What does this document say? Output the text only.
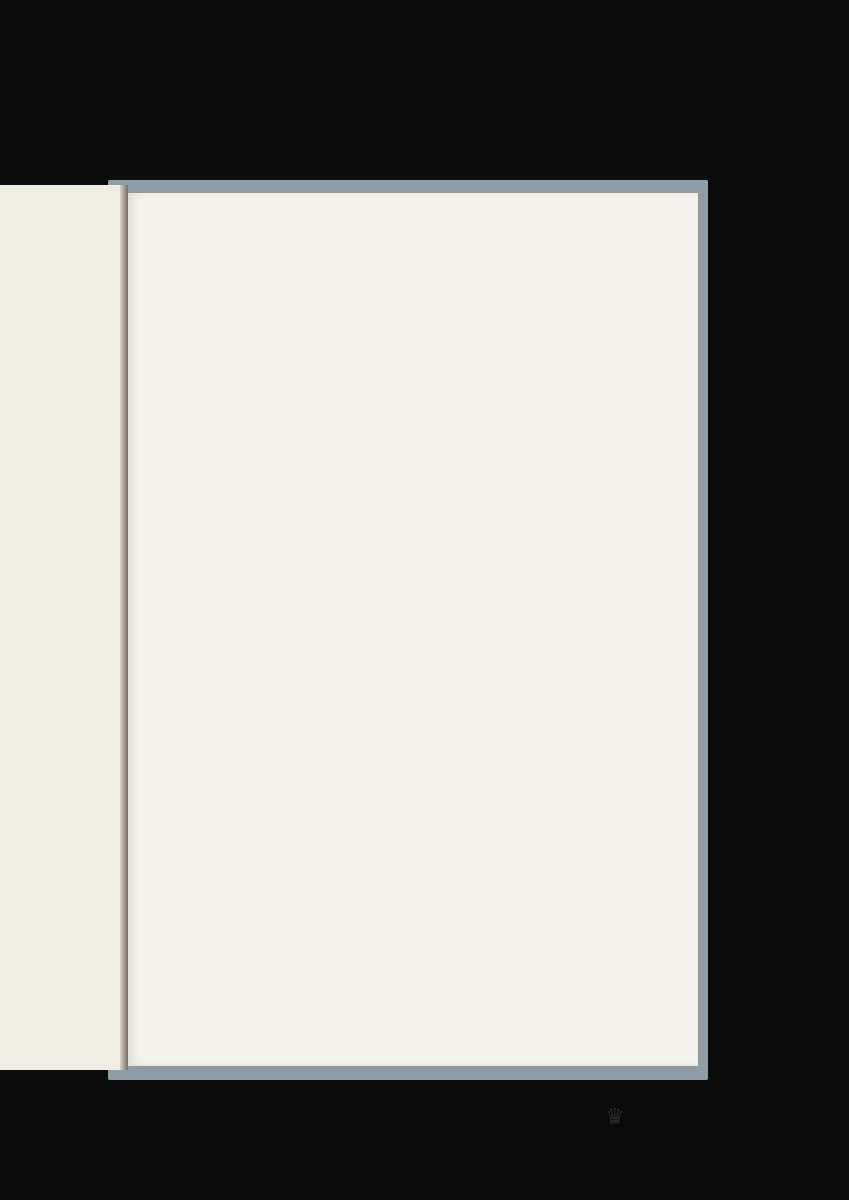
♛
